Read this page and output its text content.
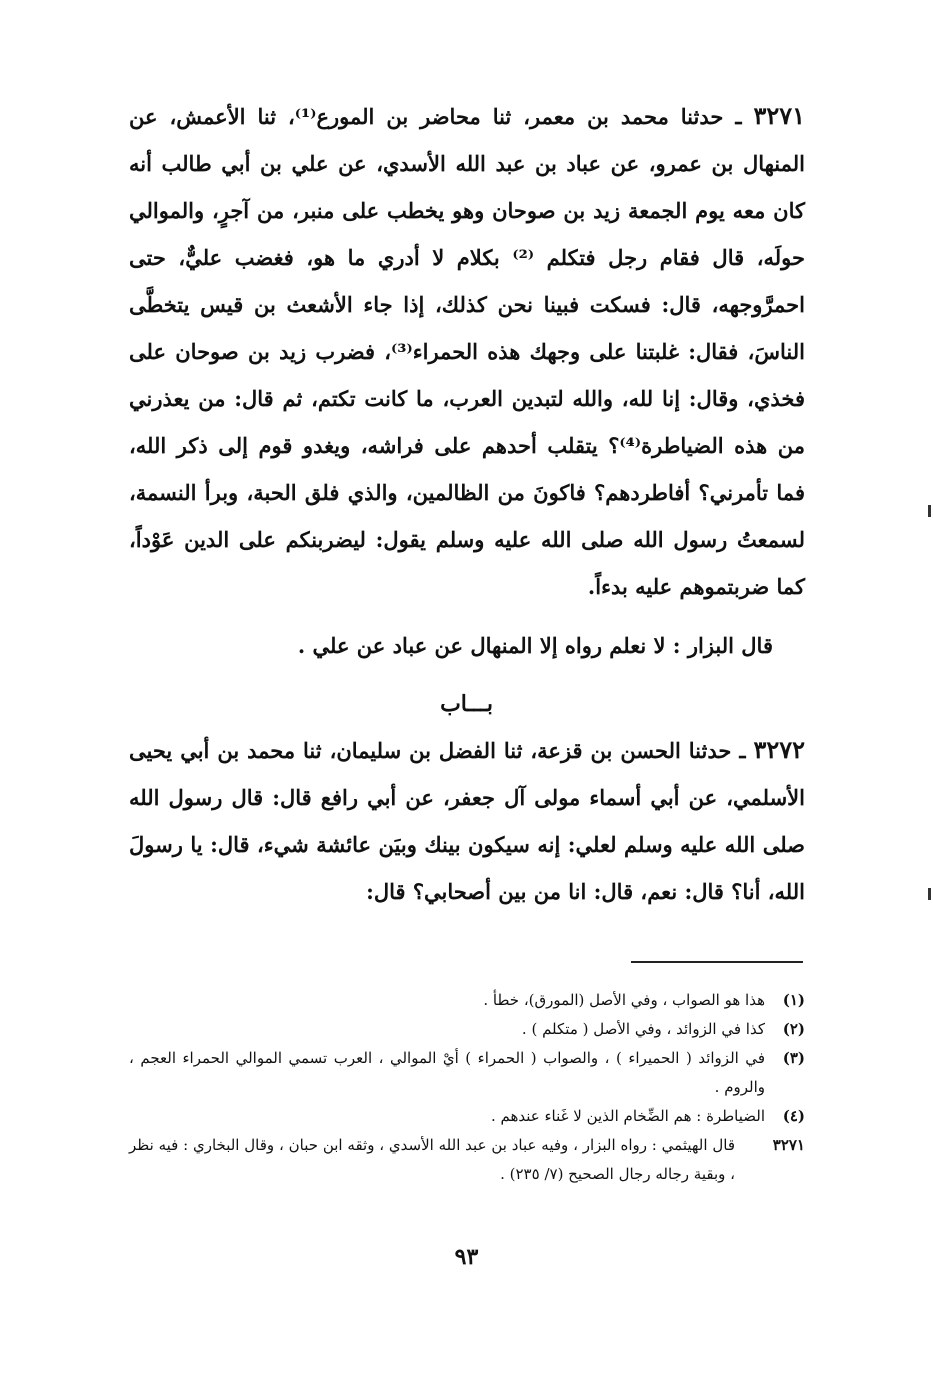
٣٢٧١ ـ حدثنا محمد بن معمر، ثنا محاضر بن المورع⁽¹⁾، ثنا الأعمش، عن المنهال بن عمرو، عن عباد بن عبد الله الأسدي، عن علي بن أبي طالب أنه كان معه يوم الجمعة زيد بن صوحان وهو يخطب على منبر، من آجرٍ، والموالي حولَه، قال فقام رجل فتكلم ⁽²⁾ بكلام لا أدري ما هو، فغضب عليٌّ، حتى احمرَّوجهه، قال: فسكت فبينا نحن كذلك، إذا جاء الأشعث بن قيس يتخطَّى الناسَ، فقال: غلبتنا على وجهك هذه الحمراء⁽³⁾، فضرب زيد بن صوحان على فخذي، وقال: إنا لله، والله لتبدين العرب، ما كانت تكتم، ثم قال: من يعذرني من هذه الضياطرة⁽⁴⁾؟ يتقلب أحدهم على فراشه، ويغدو قوم إلى ذكر الله، فما تأمرني؟ أفاطردهم؟ فاكونَ من الظالمين، والذي فلق الحبة، وبرأ النسمة، لسمعتُ رسول الله صلى الله عليه وسلم يقول: ليضربنكم على الدين عَوْداً، كما ضربتموهم عليه بدءاً.
قال البزار : لا نعلم رواه إلا المنهال عن عباد عن علي .
بـــاب
٣٢٧٢ ـ حدثنا الحسن بن قزعة، ثنا الفضل بن سليمان، ثنا محمد بن أبي يحيى الأسلمي، عن أبي أسماء مولى آل جعفر، عن أبي رافع قال: قال رسول الله صلى الله عليه وسلم لعلي: إنه سيكون بينك وبيَن عائشة شيء، قال: يا رسولَ الله، أنا؟ قال: نعم، قال: انا من بين أصحابي؟ قال:
(١)
هذا هو الصواب ، وفي الأصل (المورق)، خطأ .
(٢)
كذا في الزوائد ، وفي الأصل ( متكلم ) .
(٣)
في الزوائد ( الحميراء ) ، والصواب ( الحمراء ) أيْ الموالي ، العرب تسمي الموالي الحمراء العجم ، والروم .
(٤)
الضياطرة : هم الضِّخام الذين لا غَناء عندهم .
٣٢٧١
قال الهيثمي : رواه البزار ، وفيه عباد بن عبد الله الأسدي ، وثقه ابن حبان ، وقال البخاري : فيه نظر ، وبقية رجاله رجال الصحيح (٧/ ٢٣٥) .
٩٣
